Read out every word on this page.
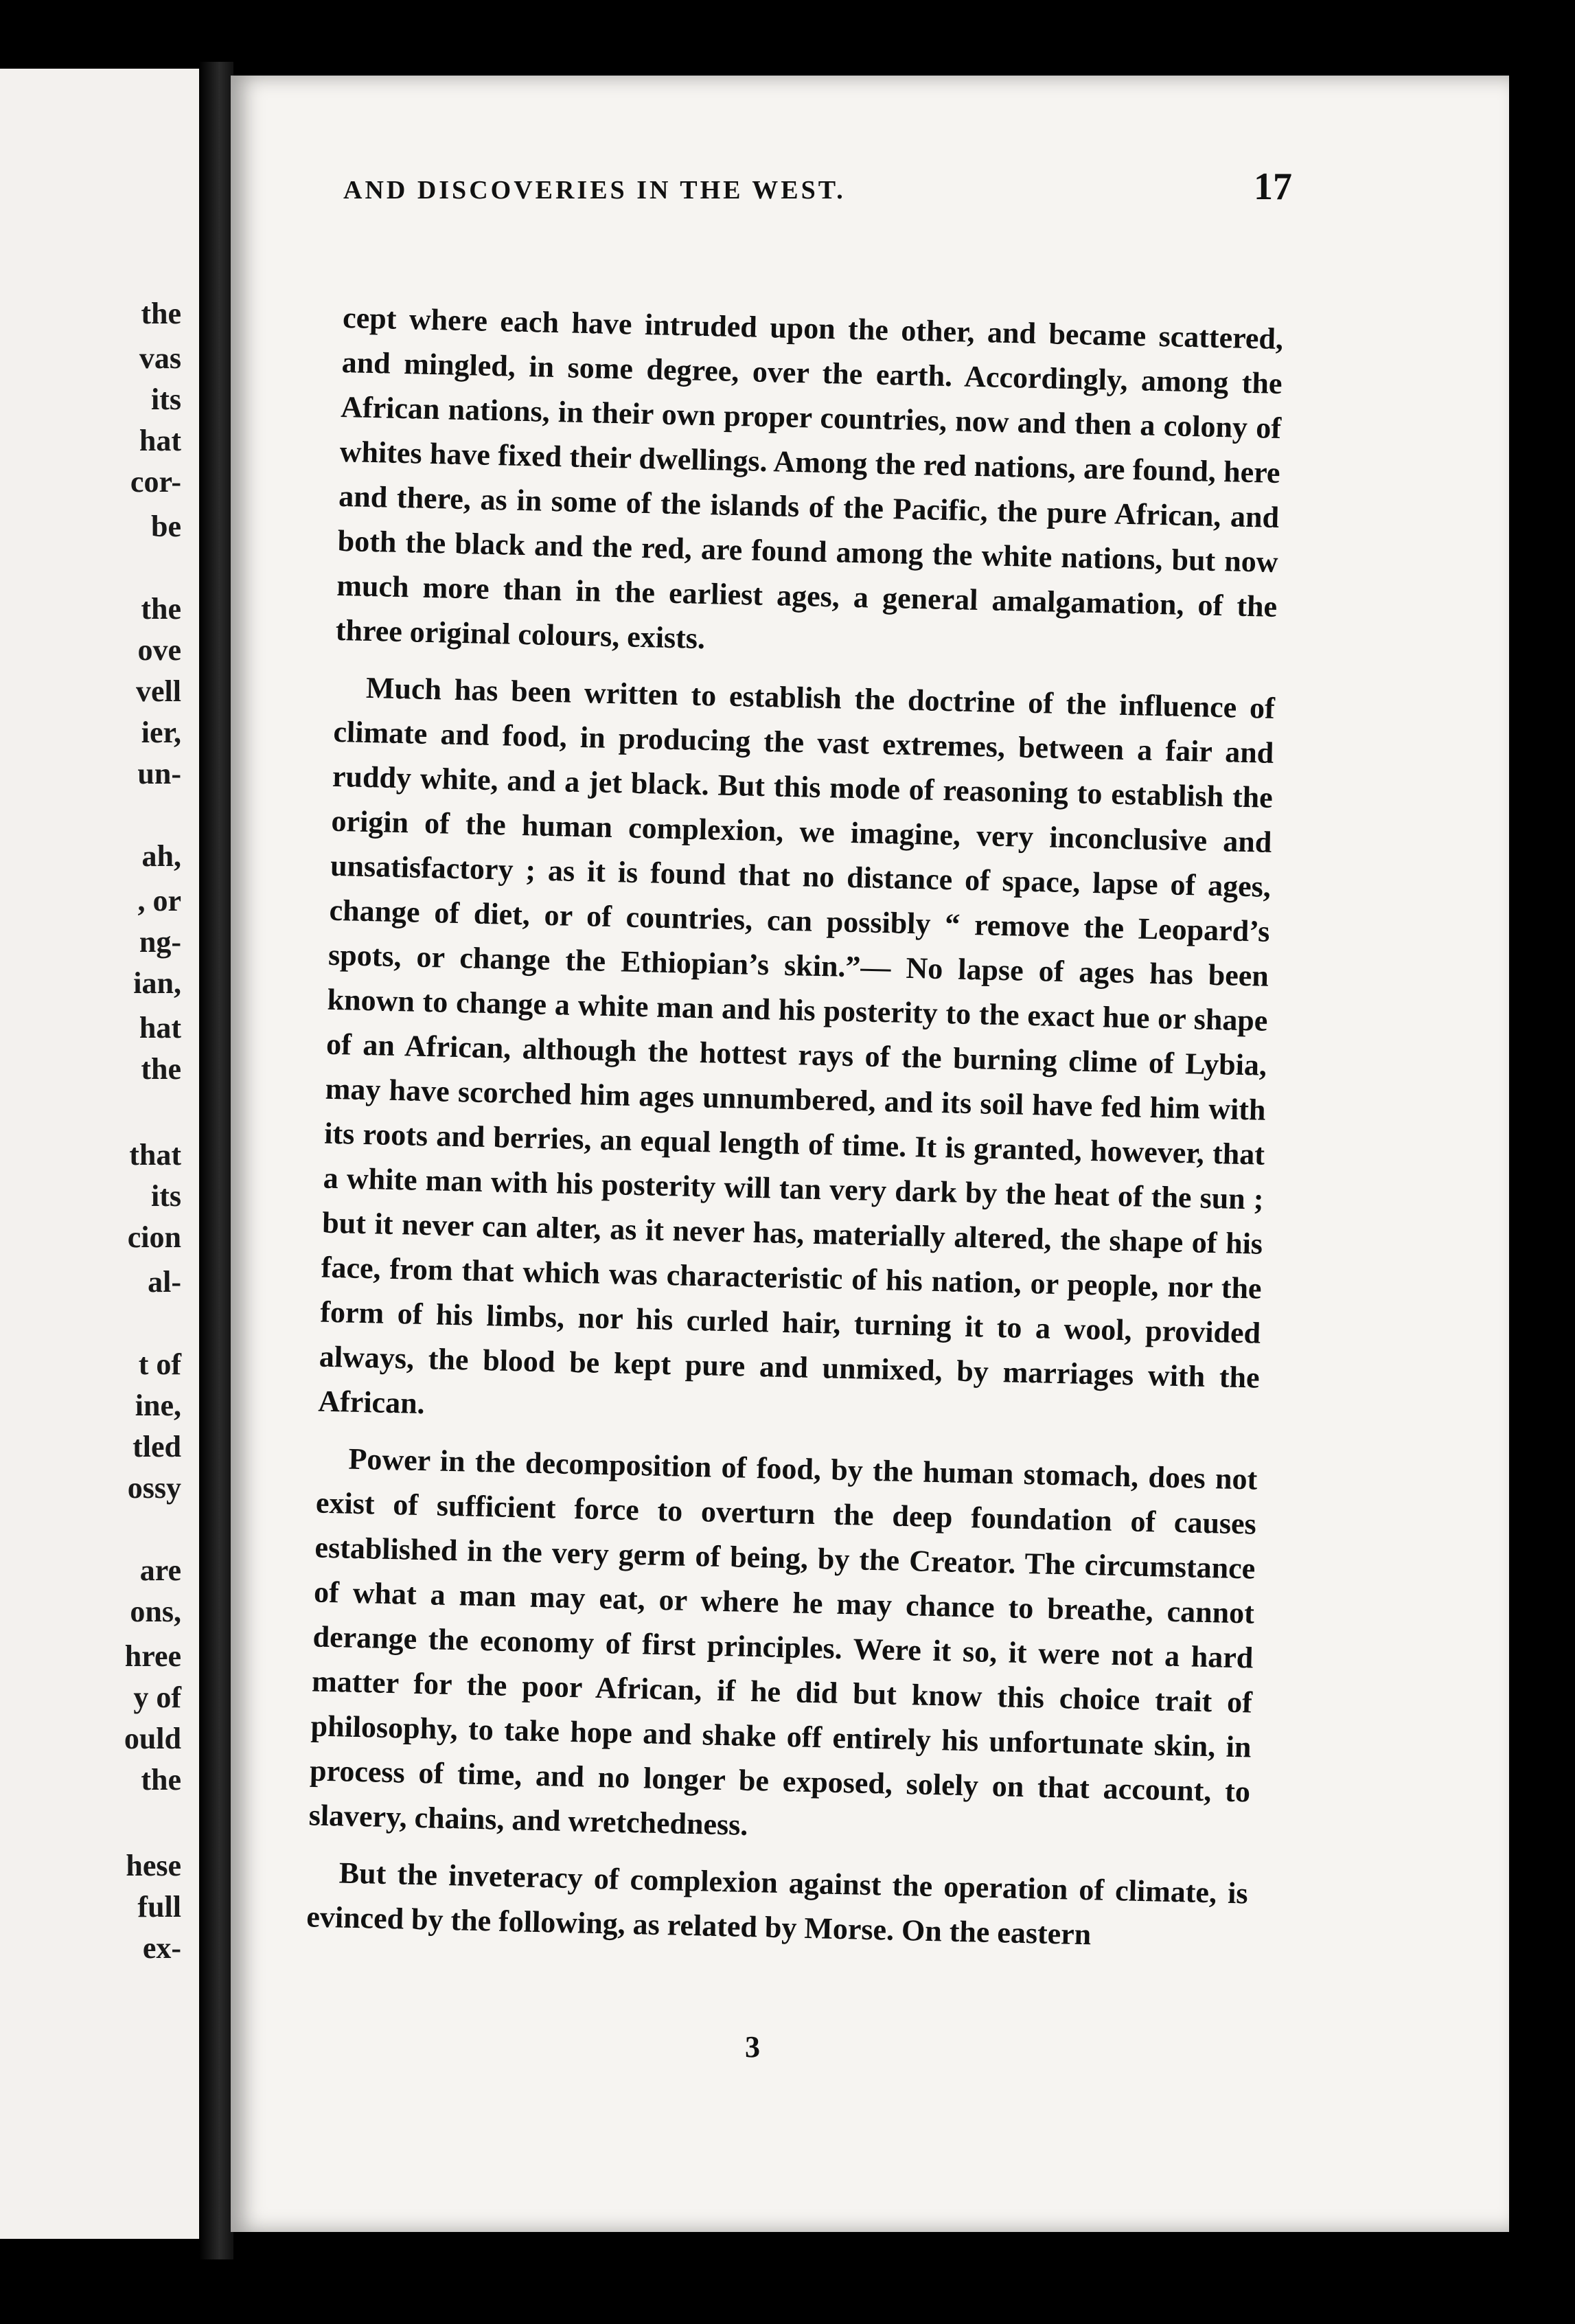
the
vas
its
hat
cor-
be
the
ove
vell
ier,
un-
ah,
, or
ng-
ian,
hat
the
that
its
cion
al-
t of
ine,
tled
ossy
are
ons,
hree
y of
ould
the
hese
full
ex-
AND DISCOVERIES IN THE WEST.	17

cept where each have intruded upon the other, and became scattered, and mingled, in some degree, over the earth. Accordingly, among the African nations, in their own proper countries, now and then a colony of whites have fixed their dwellings. Among the red nations, are found, here and there, as in some of the islands of the Pacific, the pure African, and both the black and the red, are found among the white nations, but now much more than in the earliest ages, a general amalgamation, of the three original colours, exists.

Much has been written to establish the doctrine of the influence of climate and food, in producing the vast extremes, between a fair and ruddy white, and a jet black. But this mode of reasoning to establish the origin of the human complexion, we imagine, very inconclusive and unsatisfactory ; as it is found that no distance of space, lapse of ages, change of diet, or of countries, can possibly “ remove the Leopard’s spots, or change the Ethiopian’s skin.”— No lapse of ages has been known to change a white man and his posterity to the exact hue or shape of an African, although the hottest rays of the burning clime of Lybia, may have scorched him ages unnumbered, and its soil have fed him with its roots and berries, an equal length of time. It is granted, however, that a white man with his posterity will tan very dark by the heat of the sun ; but it never can alter, as it never has, materially altered, the shape of his face, from that which was characteristic of his nation, or people, nor the form of his limbs, nor his curled hair, turning it to a wool, provided always, the blood be kept pure and unmixed, by marriages with the African.

Power in the decomposition of food, by the human stomach, does not exist of sufficient force to overturn the deep foundation of causes established in the very germ of being, by the Creator. The circumstance of what a man may eat, or where he may chance to breathe, cannot derange the economy of first principles. Were it so, it were not a hard matter for the poor African, if he did but know this choice trait of philosophy, to take hope and shake off entirely his unfortunate skin, in process of time, and no longer be exposed, solely on that account, to slavery, chains, and wretchedness.

But the inveteracy of complexion against the operation of climate, is evinced by the following, as related by Morse. On the eastern

3
